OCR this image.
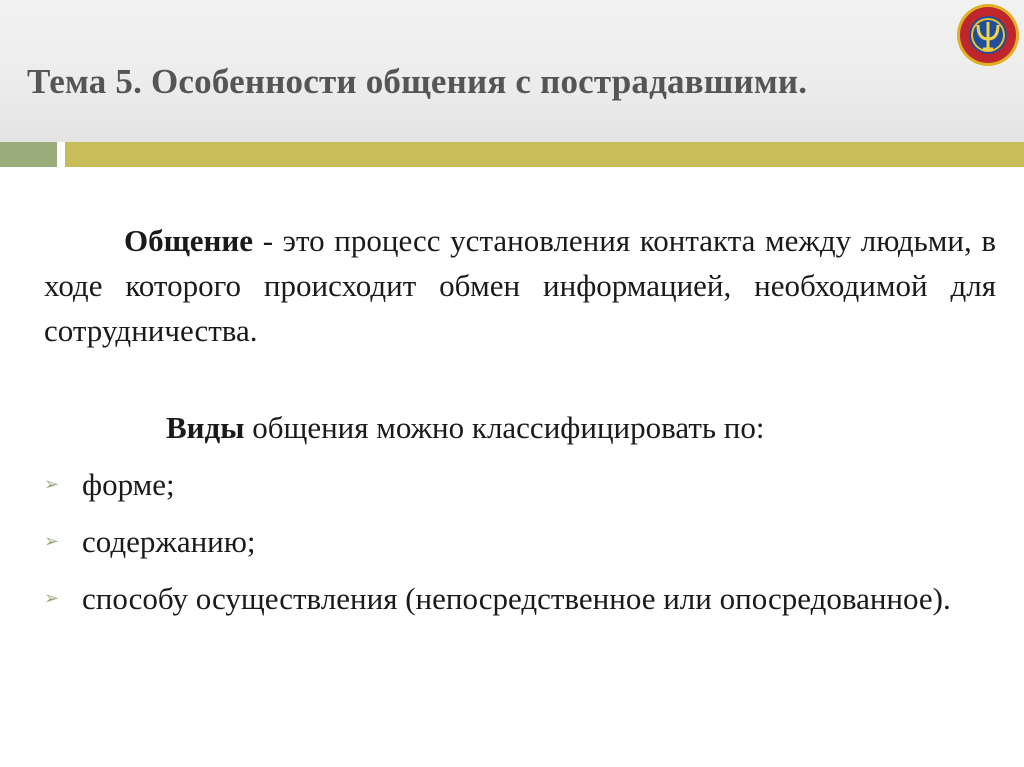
Тема 5. Особенности общения с пострадавшими.

Общение - это процесс установления контакта между людьми, в ходе которого происходит обмен информацией, необходимой для сотрудничества.

Виды общения можно классифицировать по:

➢ форме;
➢ содержанию;
➢ способу осуществления (непосредственное или опосредованное).
